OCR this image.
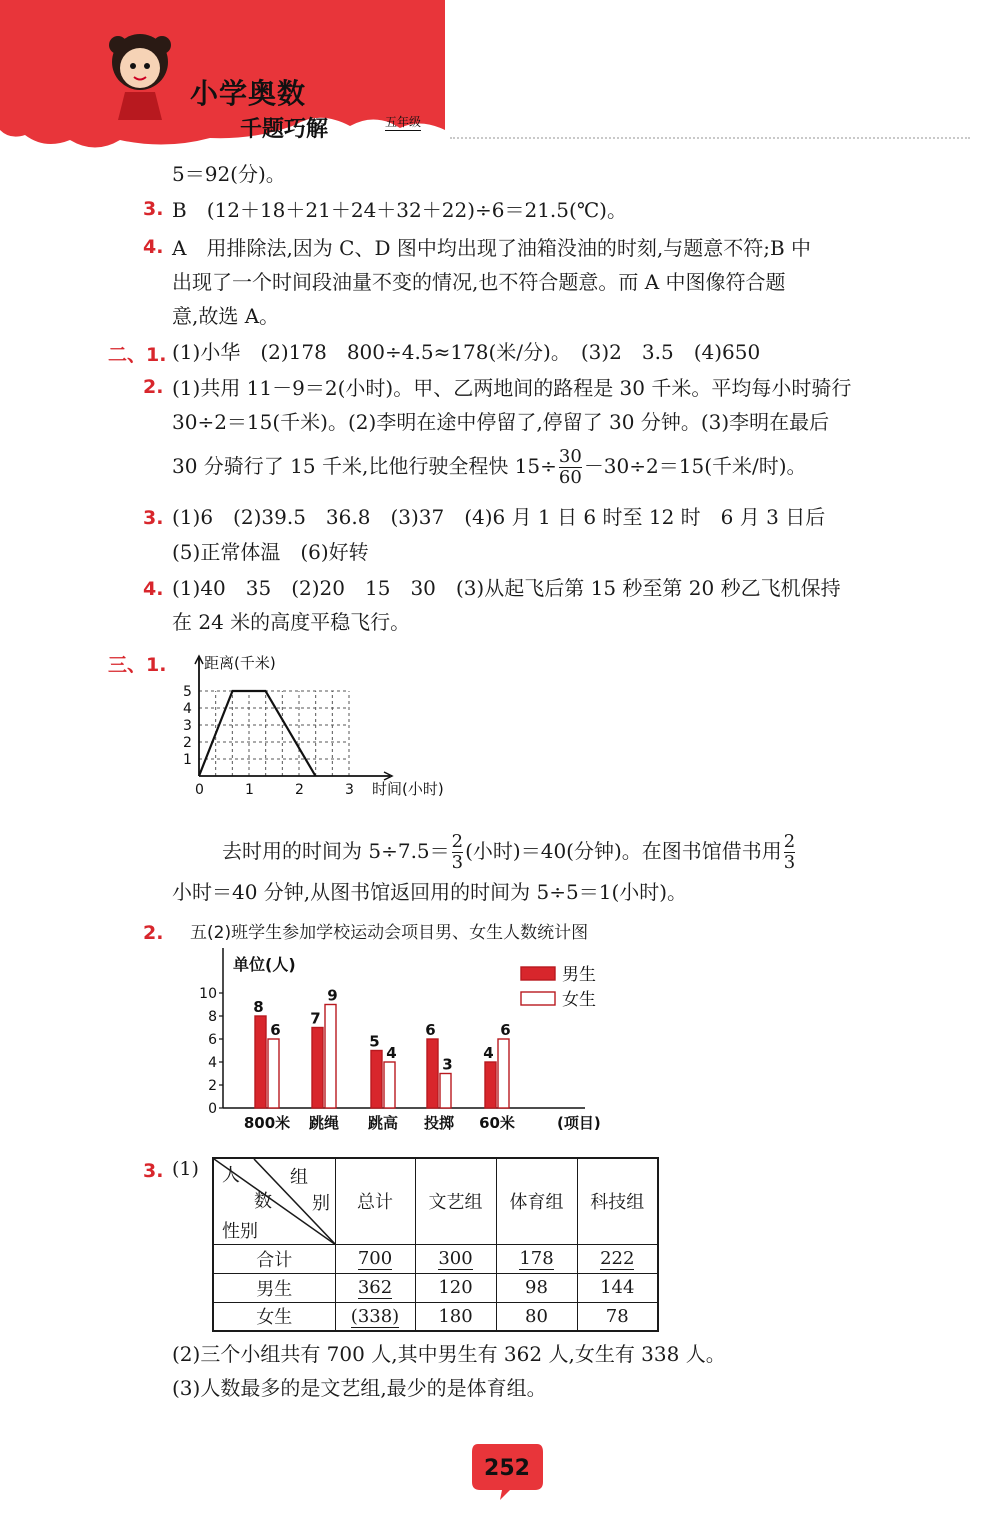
小学奥数
千题巧解	五年级
5＝92(分)。
3. B　(12＋18＋21＋24＋32＋22)÷6＝21.5(℃)。
4. A　用排除法,因为 C、D 图中均出现了油箱没油的时刻,与题意不符;B 中
出现了一个时间段油量不变的情况,也不符合题意。而 A 中图像符合题
意,故选 A。
二、1. (1)小华　(2)178　800÷4.5≈178(米/分)。　(3)2　3.5　(4)650
2. (1)共用 11－9＝2(小时)。甲、乙两地间的路程是 30 千米。平均每小时骑行
30÷2＝15(千米)。(2)李明在途中停留了,停留了 30 分钟。(3)李明在最后
30 分骑行了 15 千米,比他行驶全程快 $15\div \frac{30}{60} -30\div 2=15$(千米/时)。
3. (1)6　(2)39.5　36.8　(3)37　(4)6 月 1 日 6 时至 12 时　6 月 3 日后
(5)正常体温　(6)好转
4. (1)40　35　(2)20　15　30　(3)从起飞后第 15 秒至第 20 秒乙飞机保持
在 24 米的高度平稳飞行。
三、1.
1
2
3
4
5
0	1	2	3
距离(千米)
时间(小时)
去时用的时间为 $5\div 7.5= \frac{2}{3}$ (小时)＝40(分钟)。在图书馆借书用 $\frac{2}{3}$
小时＝40 分钟,从图书馆返回用的时间为 5÷5＝1(小时)。
2. 五(2)班学生参加学校运动会项目男、女生人数统计图
0
2
4
6
8
10
单位(人)
(项目)
8
6
800米
7
9
跳绳
5
4
跳高
6
3
投掷
4
6
60米
男生
女生
3. (1) 人 组
数 别
性别	总计	文艺组	体育组	科技组
合计	700	300	178	222
男生	362	120	98	144
女生	(338)	180	80	78
(2)三个小组共有 700 人,其中男生有 362 人,女生有 338 人。
(3)人数最多的是文艺组,最少的是体育组。
252
